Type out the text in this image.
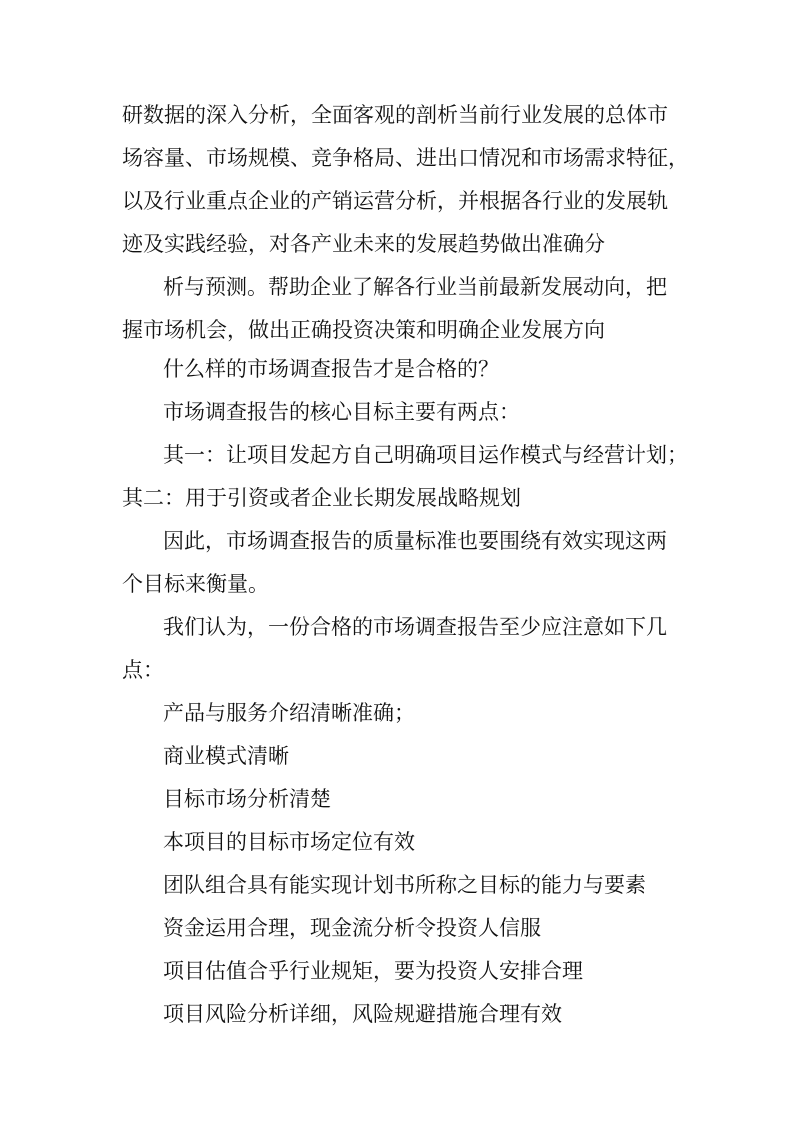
研数据的深入分析，全面客观的剖析当前行业发展的总体市

场容量、市场规模、竞争格局、进出口情况和市场需求特征，

以及行业重点企业的产销运营分析，并根据各行业的发展轨

迹及实践经验，对各产业未来的发展趋势做出准确分

析与预测。帮助企业了解各行业当前最新发展动向，把

握市场机会，做出正确投资决策和明确企业发展方向

什么样的市场调查报告才是合格的？

市场调查报告的核心目标主要有两点：

其一：让项目发起方自己明确项目运作模式与经营计划；

其二：用于引资或者企业长期发展战略规划

因此，市场调查报告的质量标准也要围绕有效实现这两

个目标来衡量。

我们认为，一份合格的市场调查报告至少应注意如下几

点：

产品与服务介绍清晰准确；

商业模式清晰

目标市场分析清楚

本项目的目标市场定位有效

团队组合具有能实现计划书所称之目标的能力与要素

资金运用合理，现金流分析令投资人信服

项目估值合乎行业规矩，要为投资人安排合理

项目风险分析详细，风险规避措施合理有效
